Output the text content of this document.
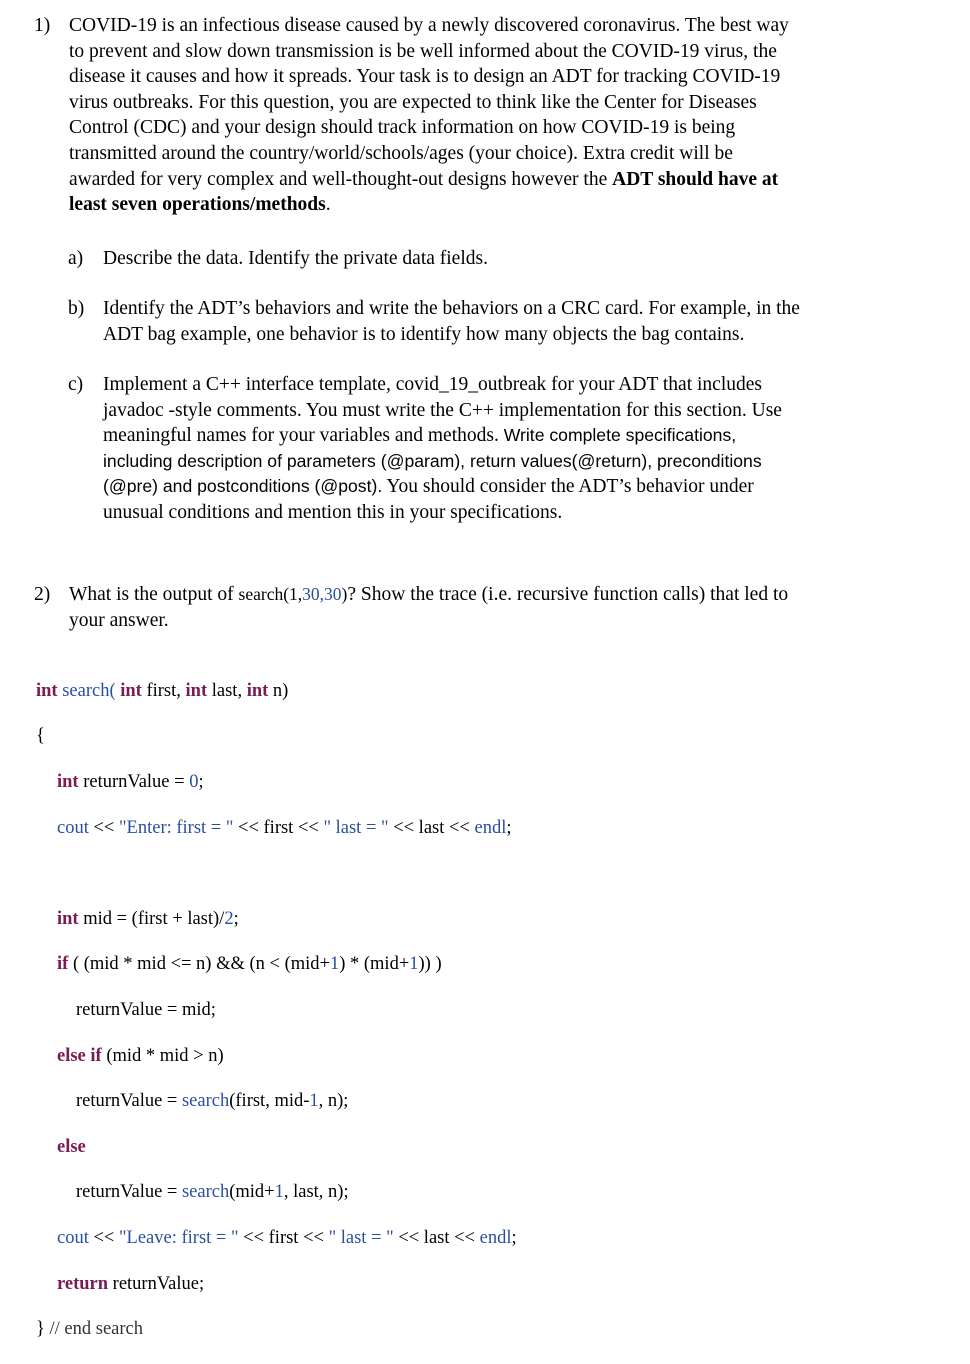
1) COVID-19 is an infectious disease caused by a newly discovered coronavirus. The best way
to prevent and slow down transmission is be well informed about the COVID-19 virus, the
disease it causes and how it spreads. Your task is to design an ADT for tracking COVID-19
virus outbreaks. For this question, you are expected to think like the Center for Diseases
Control (CDC) and your design should track information on how COVID-19 is being
transmitted around the country/world/schools/ages (your choice). Extra credit will be
awarded for very complex and well-thought-out designs however the ADT should have at
least seven operations/methods.
a) Describe the data. Identify the private data fields.
b) Identify the ADT’s behaviors and write the behaviors on a CRC card. For example, in the
ADT bag example, one behavior is to identify how many objects the bag contains.
c) Implement a C++ interface template, covid_19_outbreak for your ADT that includes
javadoc -style comments. You must write the C++ implementation for this section. Use
meaningful names for your variables and methods. Write complete specifications,
including description of parameters (@param), return values(@return), preconditions
(@pre) and postconditions (@post). You should consider the ADT’s behavior under
unusual conditions and mention this in your specifications.
2) What is the output of search(1,30,30)? Show the trace (i.e. recursive function calls) that led to
your answer.

int search( int first, int last, int n)

{

int returnValue = 0;

cout << "Enter: first = " << first << " last = " << last << endl;

int mid = (first + last)/2;

if ( (mid * mid <= n) && (n < (mid+1) * (mid+1)) )

returnValue = mid;

else if (mid * mid > n)

returnValue = search(first, mid-1, n);

else

returnValue = search(mid+1, last, n);

cout << "Leave: first = " << first << " last = " << last << endl;

return returnValue;

} // end search
